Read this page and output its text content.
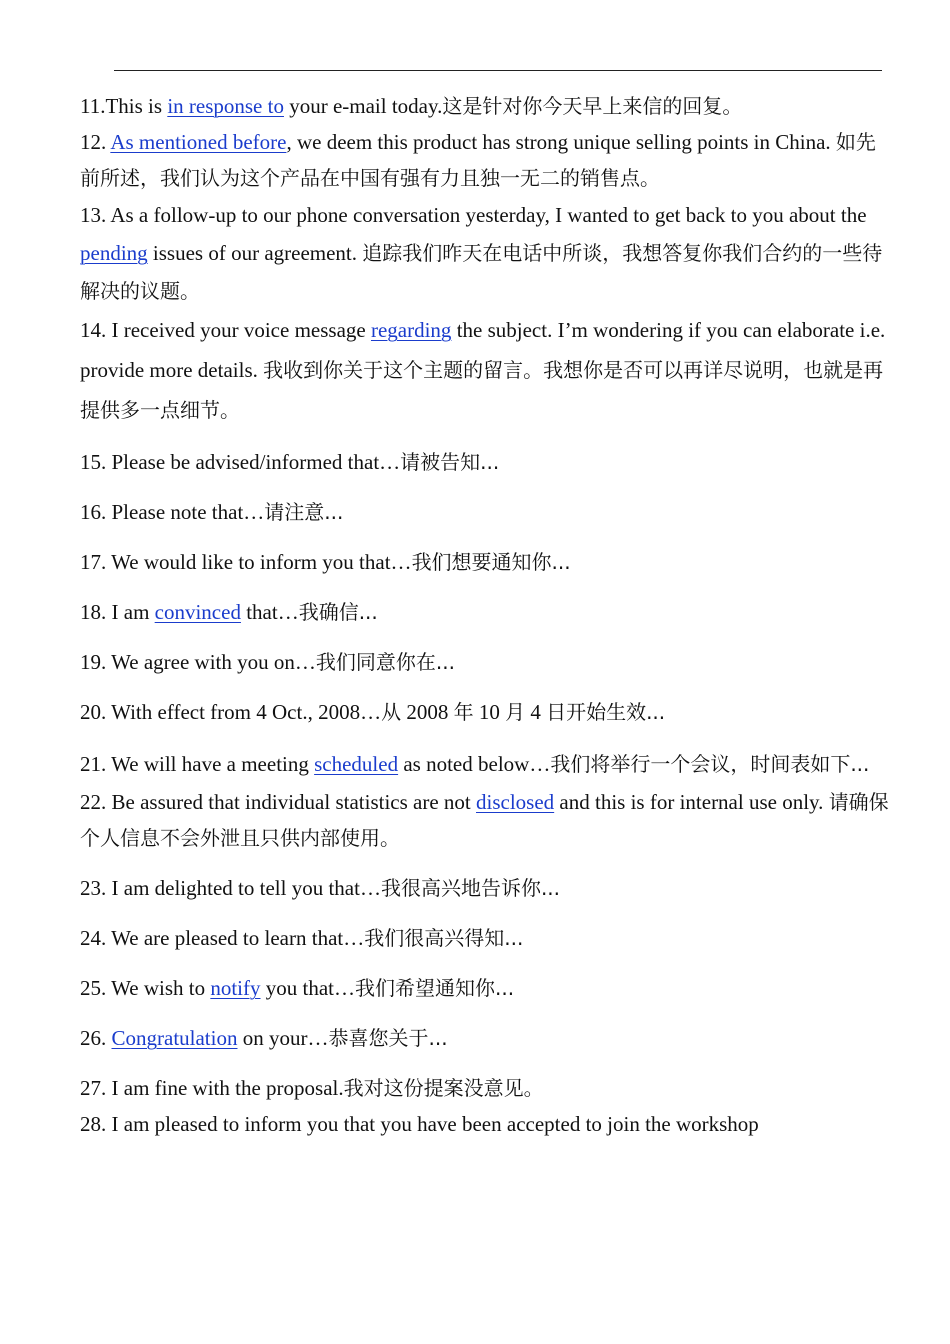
11.This is in response to your e-mail today.这是针对你今天早上来信的回复。

12. As mentioned before, we deem this product has strong unique selling points in China. 如先前所述，我们认为这个产品在中国有强有力且独一无二的销售点。

13. As a follow-up to our phone conversation yesterday, I wanted to get back to you about the pending issues of our agreement. 追踪我们昨天在电话中所谈，我想答复你我们合约的一些待解决的议题。

14. I received your voice message regarding the subject. I’m wondering if you can elaborate i.e. provide more details. 我收到你关于这个主题的留言。我想你是否可以再详尽说明，也就是再提供多一点细节。

15. Please be advised/informed that…请被告知...

16. Please note that…请注意...

17. We would like to inform you that…我们想要通知你...

18. I am convinced that…我确信...

19. We agree with you on…我们同意你在...

20. With effect from 4 Oct., 2008…从 2008 年 10 月 4 日开始生效...

21. We will have a meeting scheduled as noted below…我们将举行一个会议，时间表如下...

22. Be assured that individual statistics are not disclosed and this is for internal use only. 请确保个人信息不会外泄且只供内部使用。

23. I am delighted to tell you that…我很高兴地告诉你...

24. We are pleased to learn that…我们很高兴得知...

25. We wish to notify you that…我们希望通知你...

26. Congratulation on your…恭喜您关于...

27. I am fine with the proposal.我对这份提案没意见。

28. I am pleased to inform you that you have been accepted to join the workshop
